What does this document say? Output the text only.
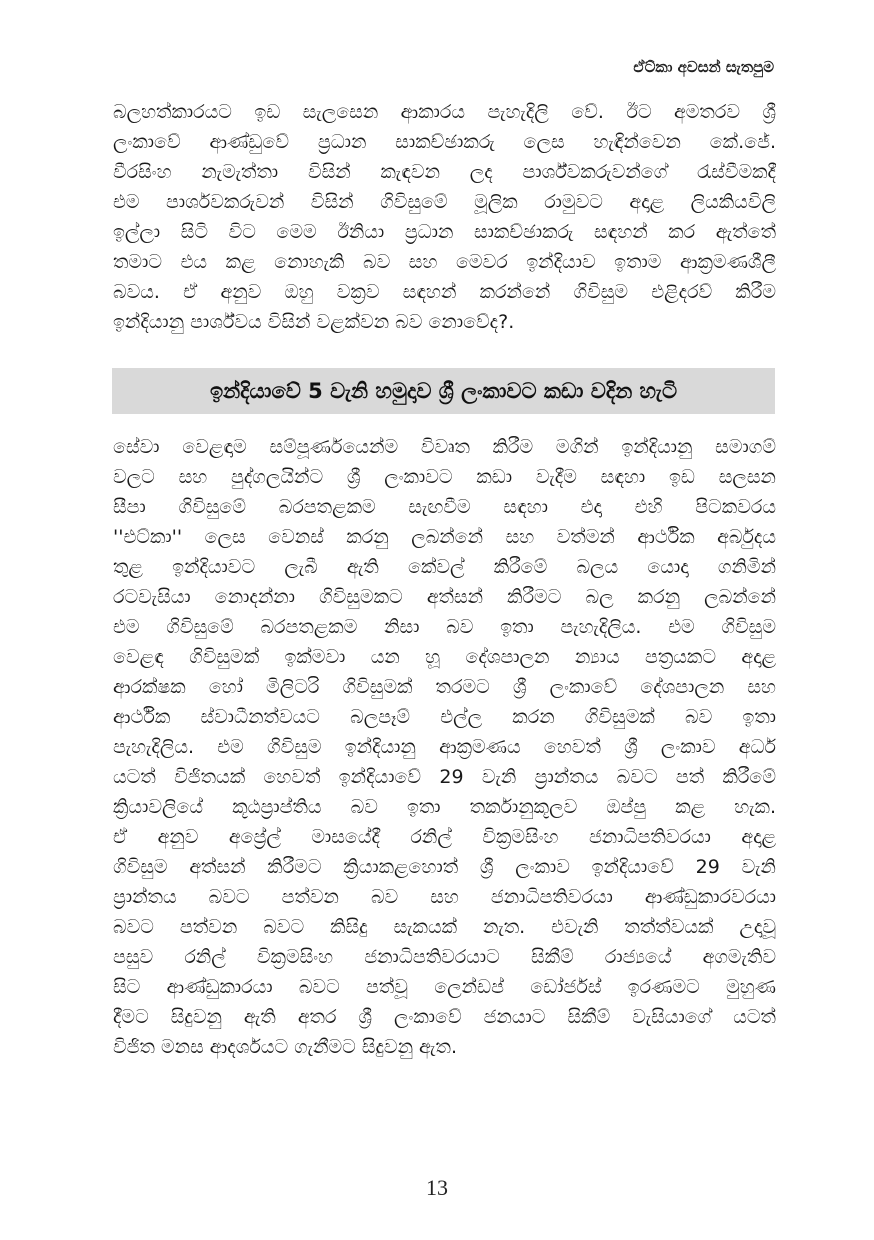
ඒට්කා අවසන් සැතපුම
බලහත්කාරයට ඉඩ සැලසෙන ආකාරය පැහැදිලි වේ. ඊට අමතරව ශ්‍රී
ලංකාවේ ආණ්ඩුවේ ප්‍රධාන සාකච්ඡාකරු ලෙස හැඳින්වෙන කේ.ජේ.
වීරසිංහ නැමැත්තා විසින් කැඳවන ලද පාර්ශ්වකරුවන්ගේ රැස්වීමකදී
එම පාර්ශවකරුවන් විසින් ගිවිසුමේ මූලික රාමුවට අදාළ ලියකියවිලි
ඉල්ලා සිටි විට මෙම ඊනියා ප්‍රධාන සාකච්ඡාකරු සඳහන් කර ඇත්තේ
තමාට එය කළ නොහැකි බව සහ මෙවර ඉන්දියාව ඉතාම ආක්‍රමණශීලී
බවය. ඒ අනුව ඔහු වක්‍රව සඳහන් කරන්නේ ගිවිසුම එළිදරව් කිරීම
ඉන්දියානු පාර්ශ්වය විසින් වළක්වන බව නොවේද?.
ඉන්දියාවේ 5 වැනි හමුදාව ශ්‍රී ලංකාවට කඩා වදින හැටි
සේවා වෙළඳාම සම්පූර්ණයෙන්ම විවෘත කිරීම මගින් ඉන්දියානු සමාගම්
වලට සහ පුද්ගලයින්ට ශ්‍රී ලංකාවට කඩා වැදීම සඳහා ඉඩ සලසන
සීපා ගිවිසුමේ බරපතළකම සැඟවීම සඳහා එදා එහි පිටකවරය
''එට්කා'' ලෙස වෙනස් කරනු ලබන්නේ සහ වත්මන් ආර්ථික අර්බුදය
තුළ ඉන්දියාවට ලැබී ඇති කේවල් කිරීමේ බලය යොදා ගනිමින්
රටවැසියා නොදන්නා ගිවිසුමකට අත්සන් කිරීමට බල කරනු ලබන්නේ
එම ගිවිසුමේ බරපතළකම නිසා බව ඉතා පැහැදිලිය. එම ගිවිසුම
වෙළඳ ගිවිසුමක් ඉක්මවා යන හූ දේශපාලන න්‍යාය පත්‍රයකට අදාළ
ආරක්ෂක හෝ මිලිටරි ගිවිසුමක් තරමට ශ්‍රී ලංකාවේ දේශපාලන සහ
ආර්ථික ස්වාධීනත්වයට බලපෑම් එල්ල කරන ගිවිසුමක් බව ඉතා
පැහැදිලිය. එම ගිවිසුම ඉන්දියානු ආක්‍රමණය හෙවත් ශ්‍රී ලංකාව අර්ධ
යටත් විජිතයක් හෙවත් ඉන්දියාවේ 29 වැනි ප්‍රාන්තය බවට පත් කිරීමේ
ක්‍රියාවලියේ කූඨප්‍රාප්තිය බව ඉතා තර්කානුකූලව ඔප්පු කළ හැක.
ඒ අනුව අප්‍රේල් මාසයේදී රනිල් වික්‍රමසිංහ ජනාධිපතිවරයා අදාළ
ගිවිසුම අත්සන් කිරීමට ක්‍රියාකළහොත් ශ්‍රී ලංකාව ඉන්දියාවේ 29 වැනි
ප්‍රාන්තය බවට පත්වන බව සහ ජනාධිපතිවරයා ආණ්ඩුකාරවරයා
බවට පත්වන බවට කිසිදු සැකයක් නැත. එවැනි තත්ත්වයක් උදාවූ
පසුව රනිල් වික්‍රමසිංහ ජනාධිපතිවරයාට සිකීම් රාජ්‍යයේ අගමැතිව
සිට ආණ්ඩුකාරයා බවට පත්වූ ලෙන්ඩප් ඩෝර්ජස් ඉරණමට මුහුණ
දීමට සිදුවනු ඇති අතර ශ්‍රී ලංකාවේ ජනයාට සිකීම් වැසියාගේ යටත්
විජිත මනස ආදර්ශයට ගැනීමට සිදුවනු ඇත.
13
